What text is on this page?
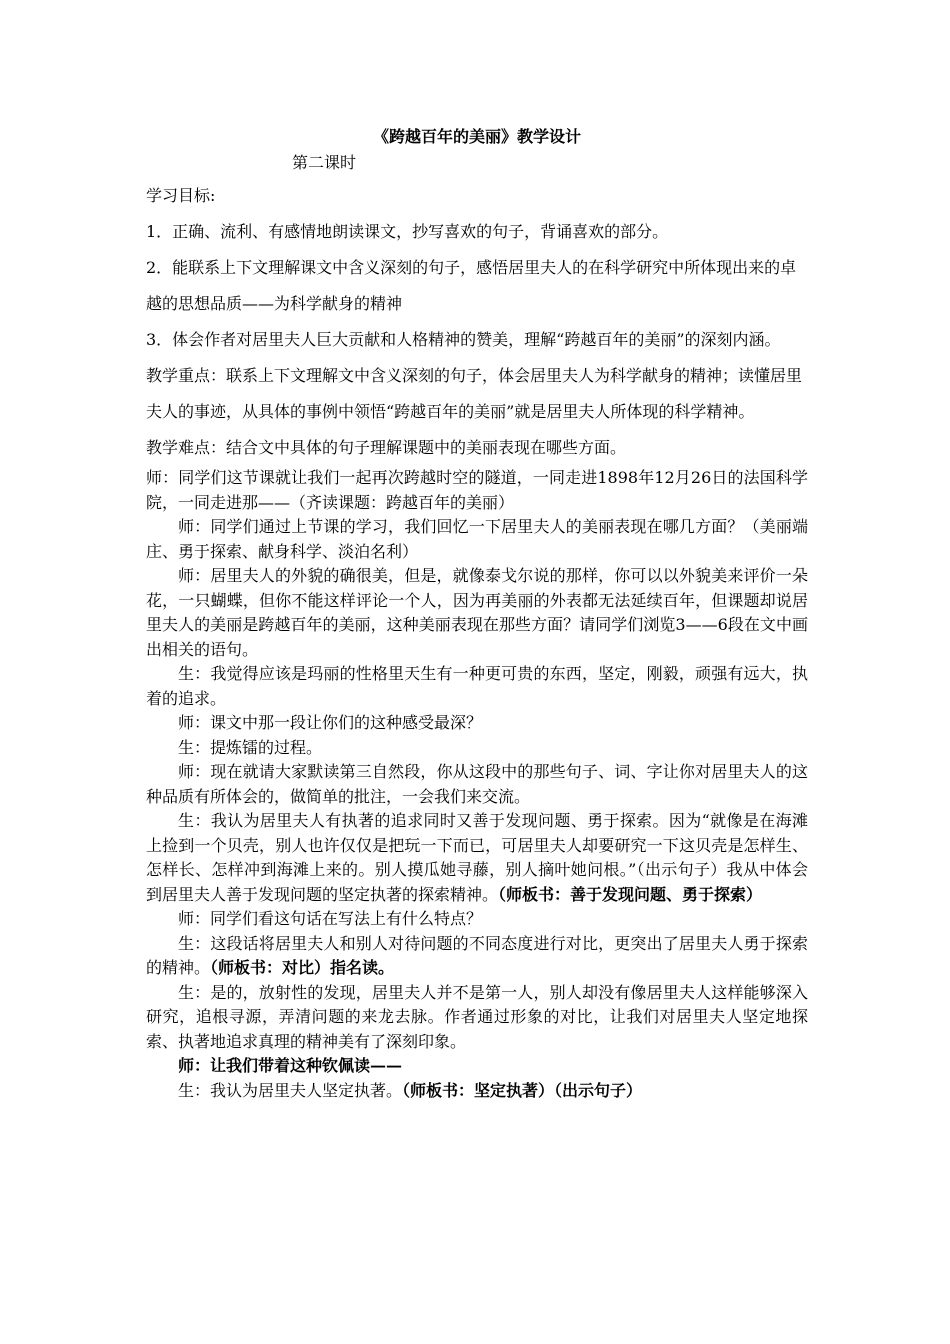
《跨越百年的美丽》教学设计
第二课时

学习目标:

1．正确、流利、有感情地朗读课文，抄写喜欢的句子，背诵喜欢的部分。

2．能联系上下文理解课文中含义深刻的句子，感悟居里夫人的在科学研究中所体现出来的卓越的思想品质——为科学献身的精神

3．体会作者对居里夫人巨大贡献和人格精神的赞美，理解“跨越百年的美丽”的深刻内涵。

教学重点：联系上下文理解文中含义深刻的句子，体会居里夫人为科学献身的精神；读懂居里夫人的事迹，从具体的事例中领悟“跨越百年的美丽”就是居里夫人所体现的科学精神。

教学难点：结合文中具体的句子理解课题中的美丽表现在哪些方面。

师：同学们这节课就让我们一起再次跨越时空的隧道，一同走进1898年12月26日的法国科学院，一同走进那——（齐读课题：跨越百年的美丽）

师：同学们通过上节课的学习，我们回忆一下居里夫人的美丽表现在哪几方面？（美丽端庄、勇于探索、献身科学、淡泊名利）

师：居里夫人的外貌的确很美，但是，就像泰戈尔说的那样，你可以以外貌美来评价一朵花，一只蝴蝶，但你不能这样评论一个人，因为再美丽的外表都无法延续百年，但课题却说居里夫人的美丽是跨越百年的美丽，这种美丽表现在那些方面？请同学们浏览3——6段在文中画出相关的语句。

生：我觉得应该是玛丽的性格里天生有一种更可贵的东西，坚定，刚毅，顽强有远大，执着的追求。

师：课文中那一段让你们的这种感受最深？

生：提炼镭的过程。

师：现在就请大家默读第三自然段，你从这段中的那些句子、词、字让你对居里夫人的这种品质有所体会的，做简单的批注，一会我们来交流。

生：我认为居里夫人有执著的追求同时又善于发现问题、勇于探索。因为“就像是在海滩上捡到一个贝壳，别人也许仅仅是把玩一下而已，可居里夫人却要研究一下这贝壳是怎样生、怎样长、怎样冲到海滩上来的。别人摸瓜她寻藤，别人摘叶她问根。”（出示句子）我从中体会到居里夫人善于发现问题的坚定执著的探索精神。（师板书：善于发现问题、勇于探索）

师：同学们看这句话在写法上有什么特点？

生：这段话将居里夫人和别人对待问题的不同态度进行对比，更突出了居里夫人勇于探索的精神。（师板书：对比）指名读。

生：是的，放射性的发现，居里夫人并不是第一人，别人却没有像居里夫人这样能够深入研究，追根寻源，弄清问题的来龙去脉。作者通过形象的对比，让我们对居里夫人坚定地探索、执著地追求真理的精神美有了深刻印象。

师：让我们带着这种钦佩读——

生：我认为居里夫人坚定执著。（师板书：坚定执著）（出示句子）
